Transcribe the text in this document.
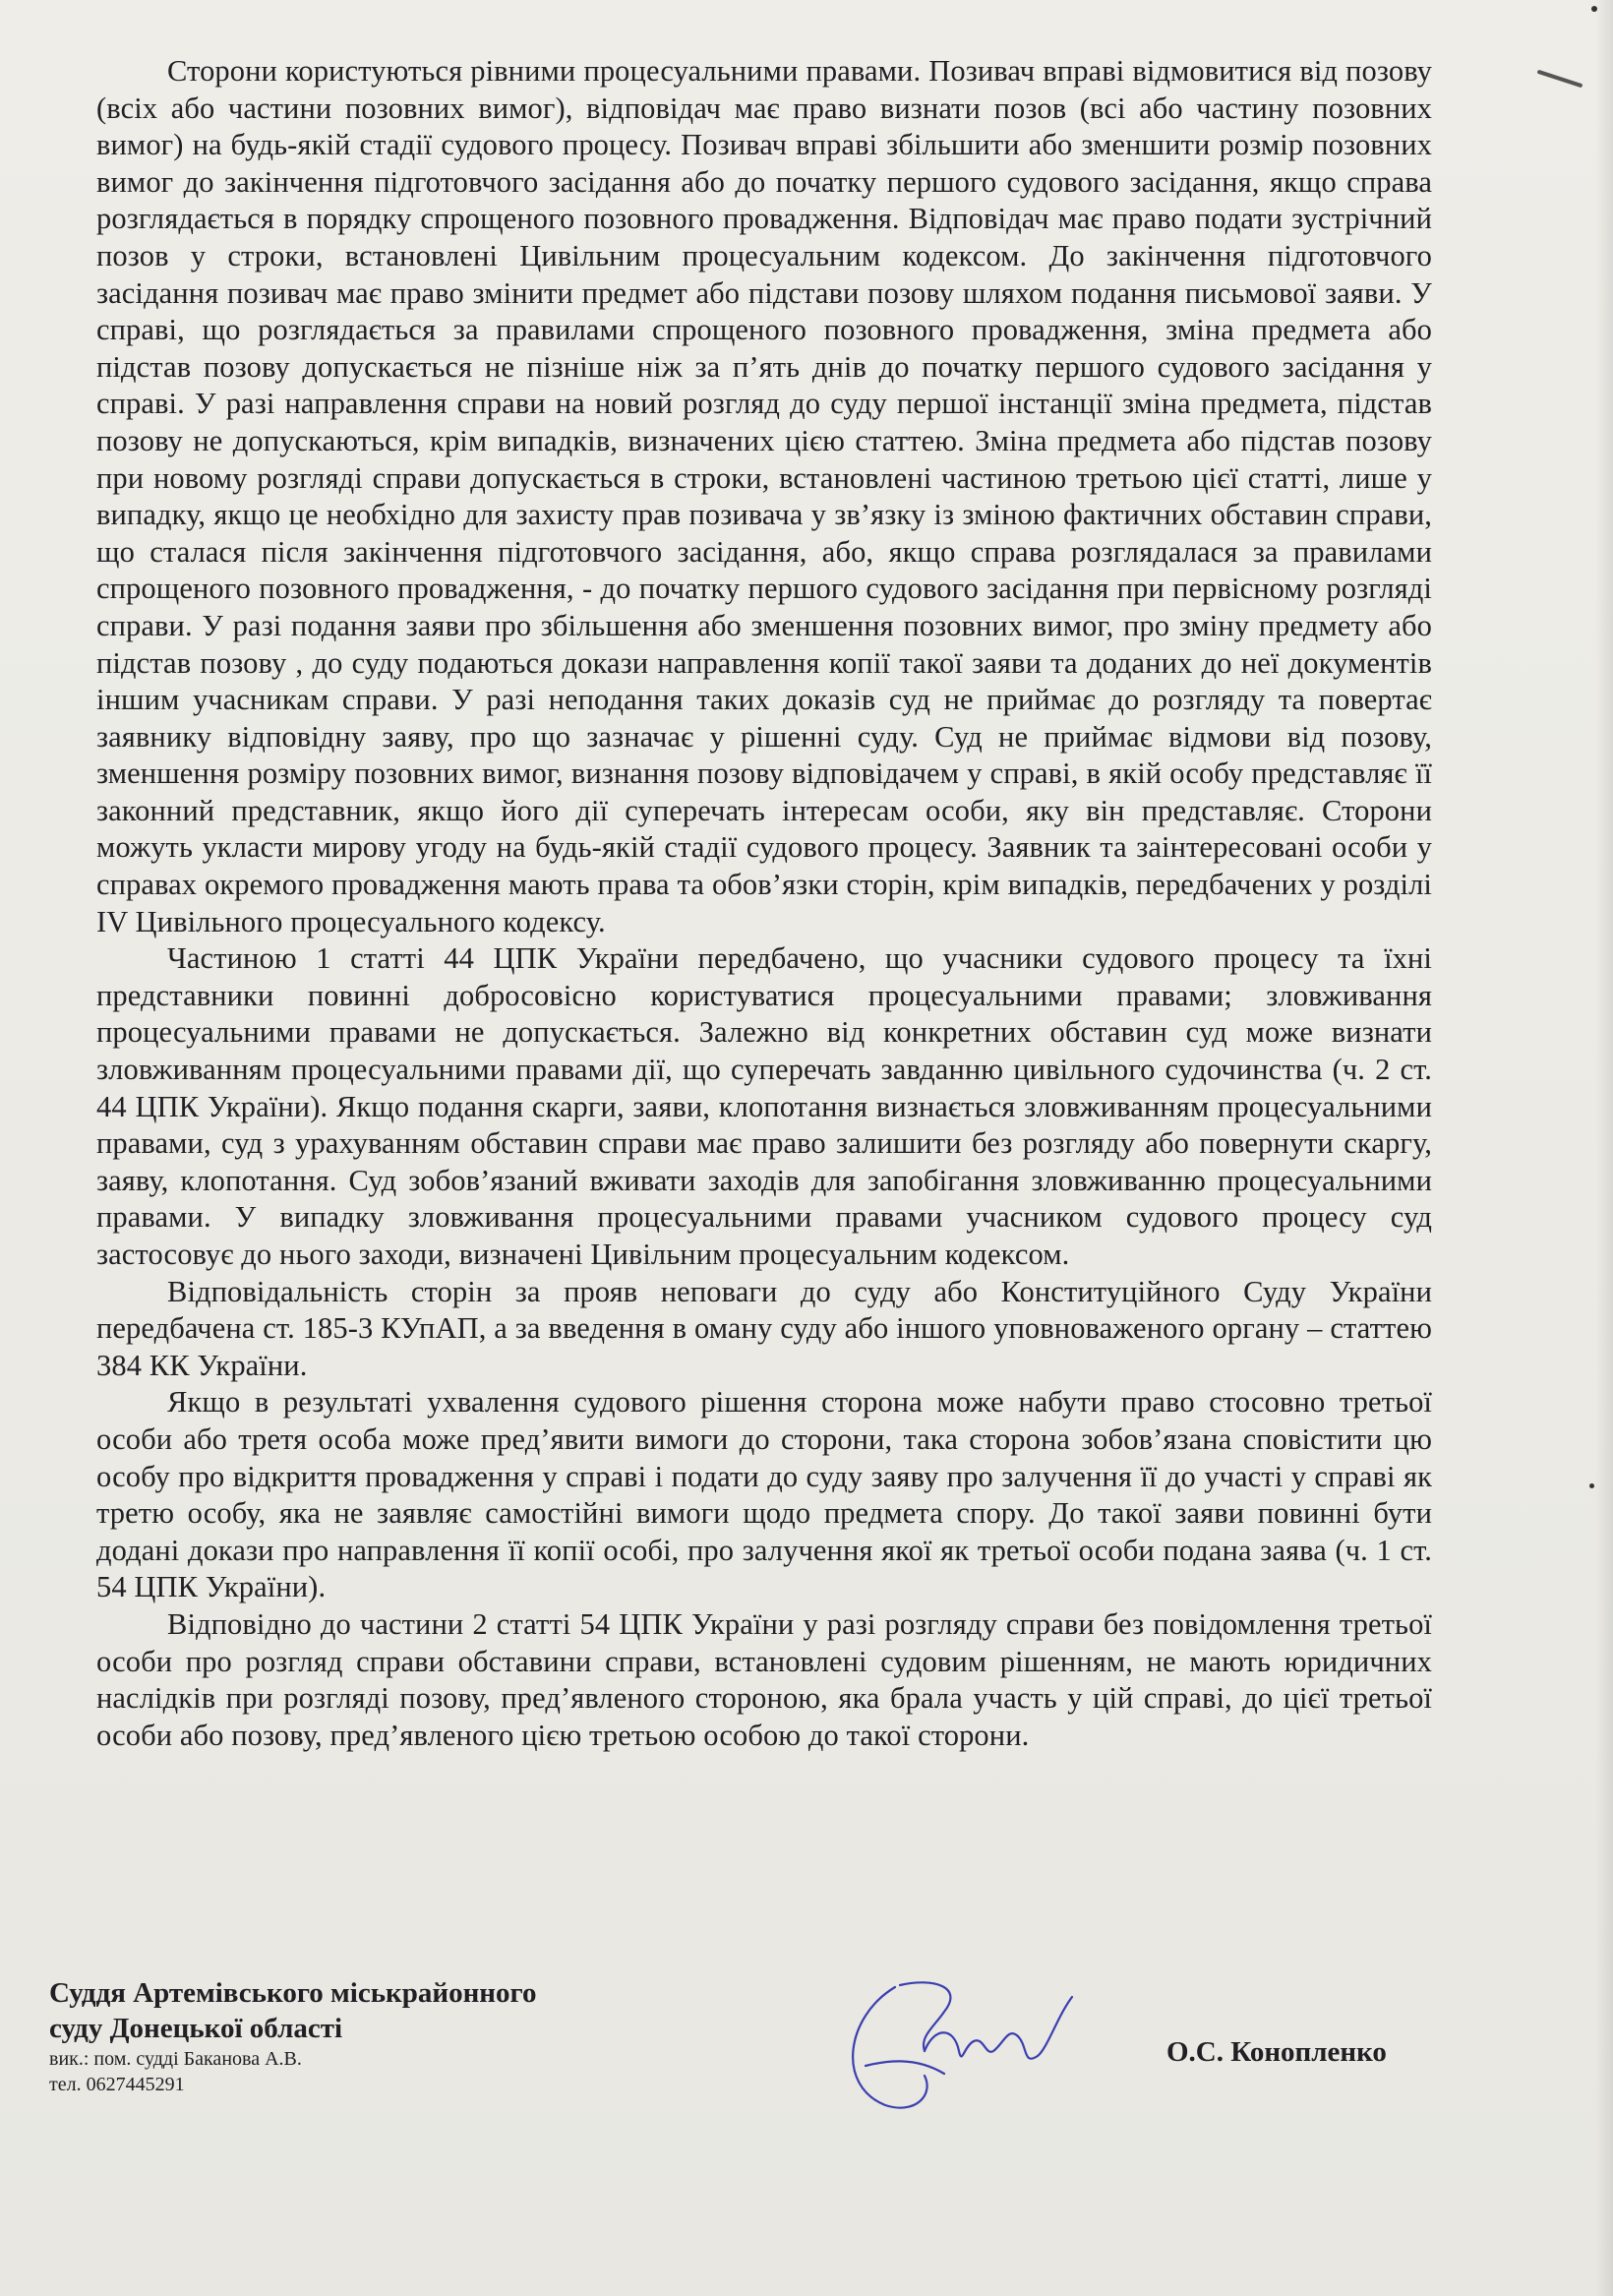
Сторони користуються рівними процесуальними правами. Позивач вправі відмовитися від позову (всіх або частини позовних вимог), відповідач має право визнати позов (всі або частину позовних вимог) на будь-якій стадії судового процесу. Позивач вправі збільшити або зменшити розмір позовних вимог до закінчення підготовчого засідання або до початку першого судового засідання, якщо справа розглядається в порядку спрощеного позовного провадження. Відповідач має право подати зустрічний позов у строки, встановлені Цивільним процесуальним кодексом. До закінчення підготовчого засідання позивач має право змінити предмет або підстави позову шляхом подання письмової заяви. У справі, що розглядається за правилами спрощеного позовного провадження, зміна предмета або підстав позову допускається не пізніше ніж за п’ять днів до початку першого судового засідання у справі. У разі направлення справи на новий розгляд до суду першої інстанції зміна предмета, підстав позову не допускаються, крім випадків, визначених цією статтею. Зміна предмета або підстав позову при новому розгляді справи допускається в строки, встановлені частиною третьою цієї статті, лише у випадку, якщо це необхідно для захисту прав позивача у зв’язку із зміною фактичних обставин справи, що сталася після закінчення підготовчого засідання, або, якщо справа розглядалася за правилами спрощеного позовного провадження, - до початку першого судового засідання при первісному розгляді справи. У разі подання заяви про збільшення або зменшення позовних вимог, про зміну предмету або підстав позову , до суду подаються докази направлення копії такої заяви та доданих до неї документів іншим учасникам справи. У разі неподання таких доказів суд не приймає до розгляду та повертає заявнику відповідну заяву, про що зазначає у рішенні суду. Суд не приймає відмови від позову, зменшення розміру позовних вимог, визнання позову відповідачем у справі, в якій особу представляє її законний представник, якщо його дії суперечать інтересам особи, яку він представляє. Сторони можуть укласти мирову угоду на будь-якій стадії судового процесу. Заявник та заінтересовані особи у справах окремого провадження мають права та обов’язки сторін, крім випадків, передбачених у розділі IV Цивільного процесуального кодексу.

Частиною 1 статті 44 ЦПК України передбачено, що учасники судового процесу та їхні представники повинні добросовісно користуватися процесуальними правами; зловживання процесуальними правами не допускається. Залежно від конкретних обставин суд може визнати зловживанням процесуальними правами дії, що суперечать завданню цивільного судочинства (ч. 2 ст. 44 ЦПК України). Якщо подання скарги, заяви, клопотання визнається зловживанням процесуальними правами, суд з урахуванням обставин справи має право залишити без розгляду або повернути скаргу, заяву, клопотання. Суд зобов’язаний вживати заходів для запобігання зловживанню процесуальними правами. У випадку зловживання процесуальними правами учасником судового процесу суд застосовує до нього заходи, визначені Цивільним процесуальним кодексом.

Відповідальність сторін за прояв неповаги до суду або Конституційного Суду України передбачена ст. 185-3 КУпАП, а за введення в оману суду або іншого уповноваженого органу – статтею 384 КК України.

Якщо в результаті ухвалення судового рішення сторона може набути право стосовно третьої особи або третя особа може пред’явити вимоги до сторони, така сторона зобов’язана сповістити цю особу про відкриття провадження у справі і подати до суду заяву про залучення її до участі у справі як третю особу, яка не заявляє самостійні вимоги щодо предмета спору. До такої заяви повинні бути додані докази про направлення її копії особі, про залучення якої як третьої особи подана заява (ч. 1 ст. 54 ЦПК України).

Відповідно до частини 2 статті 54 ЦПК України у разі розгляду справи без повідомлення третьої особи про розгляд справи обставини справи, встановлені судовим рішенням, не мають юридичних наслідків при розгляді позову, пред’явленого стороною, яка брала участь у цій справі, до цієї третьої особи або позову, пред’явленого цією третьою особою до такої сторони.

Суддя Артемівського міськрайонного
суду Донецької області
вик.: пом. судді Баканова А.В.
тел. 0627445291
О.С. Конопленко
